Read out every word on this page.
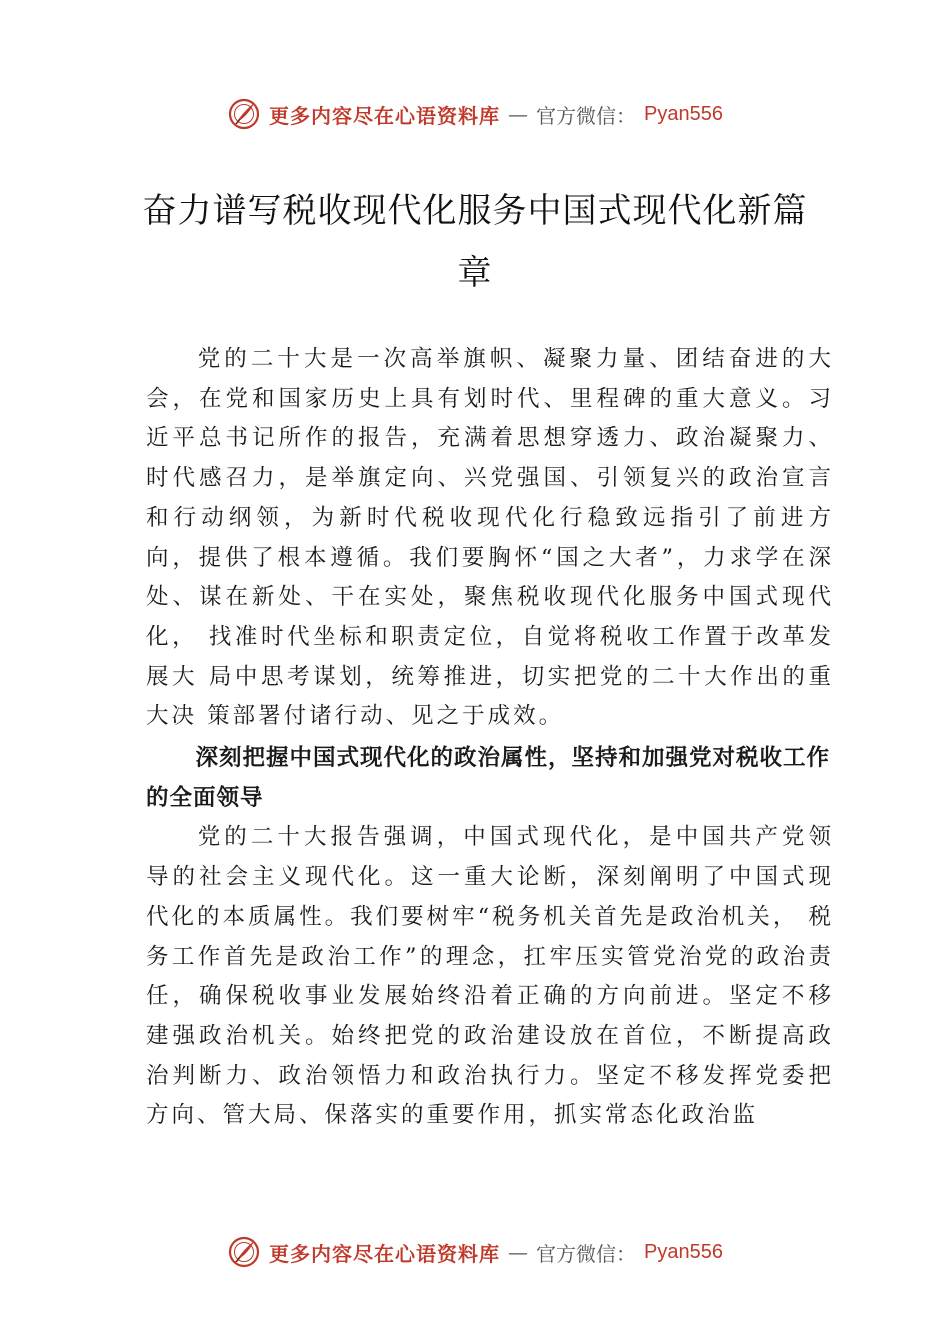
更多内容尽在心语资料库 — 官方微信： Pyan556
奋力谱写税收现代化服务中国式现代化新篇章

党的二十大是一次高举旗帜、凝聚力量、团结奋进的大会，在党和国家历史上具有划时代、里程碑的重大意义。习近平总书记所作的报告，充满着思想穿透力、政治凝聚力、时代感召力，是举旗定向、兴党强国、引领复兴的政治宣言 和行动纲领，为新时代税收现代化行稳致远指引了前进方向，提供了根本遵循。我们要胸怀“国之大者”，力求学在深处、谋在新处、干在实处，聚焦税收现代化服务中国式现代化， 找准时代坐标和职责定位，自觉将税收工作置于改革发展大 局中思考谋划，统筹推进，切实把党的二十大作出的重大决 策部署付诸行动、见之于成效。

深刻把握中国式现代化的政治属性，坚持和加强党对税收工作的全面领导

党的二十大报告强调，中国式现代化，是中国共产党领导的社会主义现代化。这一重大论断，深刻阐明了中国式现代化的本质属性。我们要树牢“税务机关首先是政治机关， 税务工作首先是政治工作”的理念，扛牢压实管党治党的政治责任，确保税收事业发展始终沿着正确的方向前进。坚定不移建强政治机关。始终把党的政治建设放在首位，不断提高政治判断力、政治领悟力和政治执行力。坚定不移发挥党委把方向、管大局、保落实的重要作用，抓实常态化政治监

更多内容尽在心语资料库 — 官方微信： Pyan556
